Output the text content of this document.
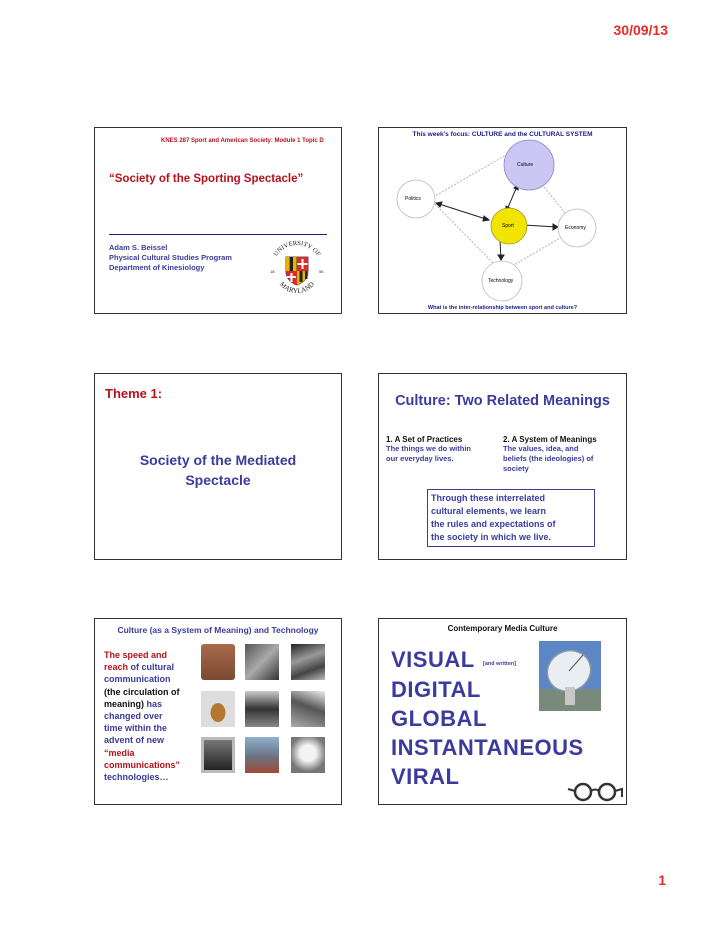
30/09/13
KNES 287 Sport and American Society: Module 1 Topic D
“Society of the Sporting Spectacle”
Adam S. Beissel
Physical Cultural Studies Program
Department of Kinesiology
UNIVERSITY OF
MARYLAND
18	56
This week’s focus: CULTURE and the CULTURAL SYSTEM
Culture
Politics
Sport	Economy
Technology
What is the inter-relationship between sport and culture?
Theme 1:
Society of the Mediated
Spectacle
Culture: Two Related Meanings
1. A Set of Practices
The things we do within
our everyday lives.
2. A System of Meanings
The values, idea, and
beliefs (the ideologies) of
society
Through these interrelated
cultural elements, we learn
the rules and expectations of
the society in which we live.
Culture (as a System of Meaning) and Technology
The speed and
reach of cultural
communication
(the circulation of
meaning) has
changed over
time within the
advent of new
“media
communications”
technologies…
Contemporary Media Culture
VISUAL [and written]
DIGITAL
GLOBAL
INSTANTANEOUS
VIRAL
1
